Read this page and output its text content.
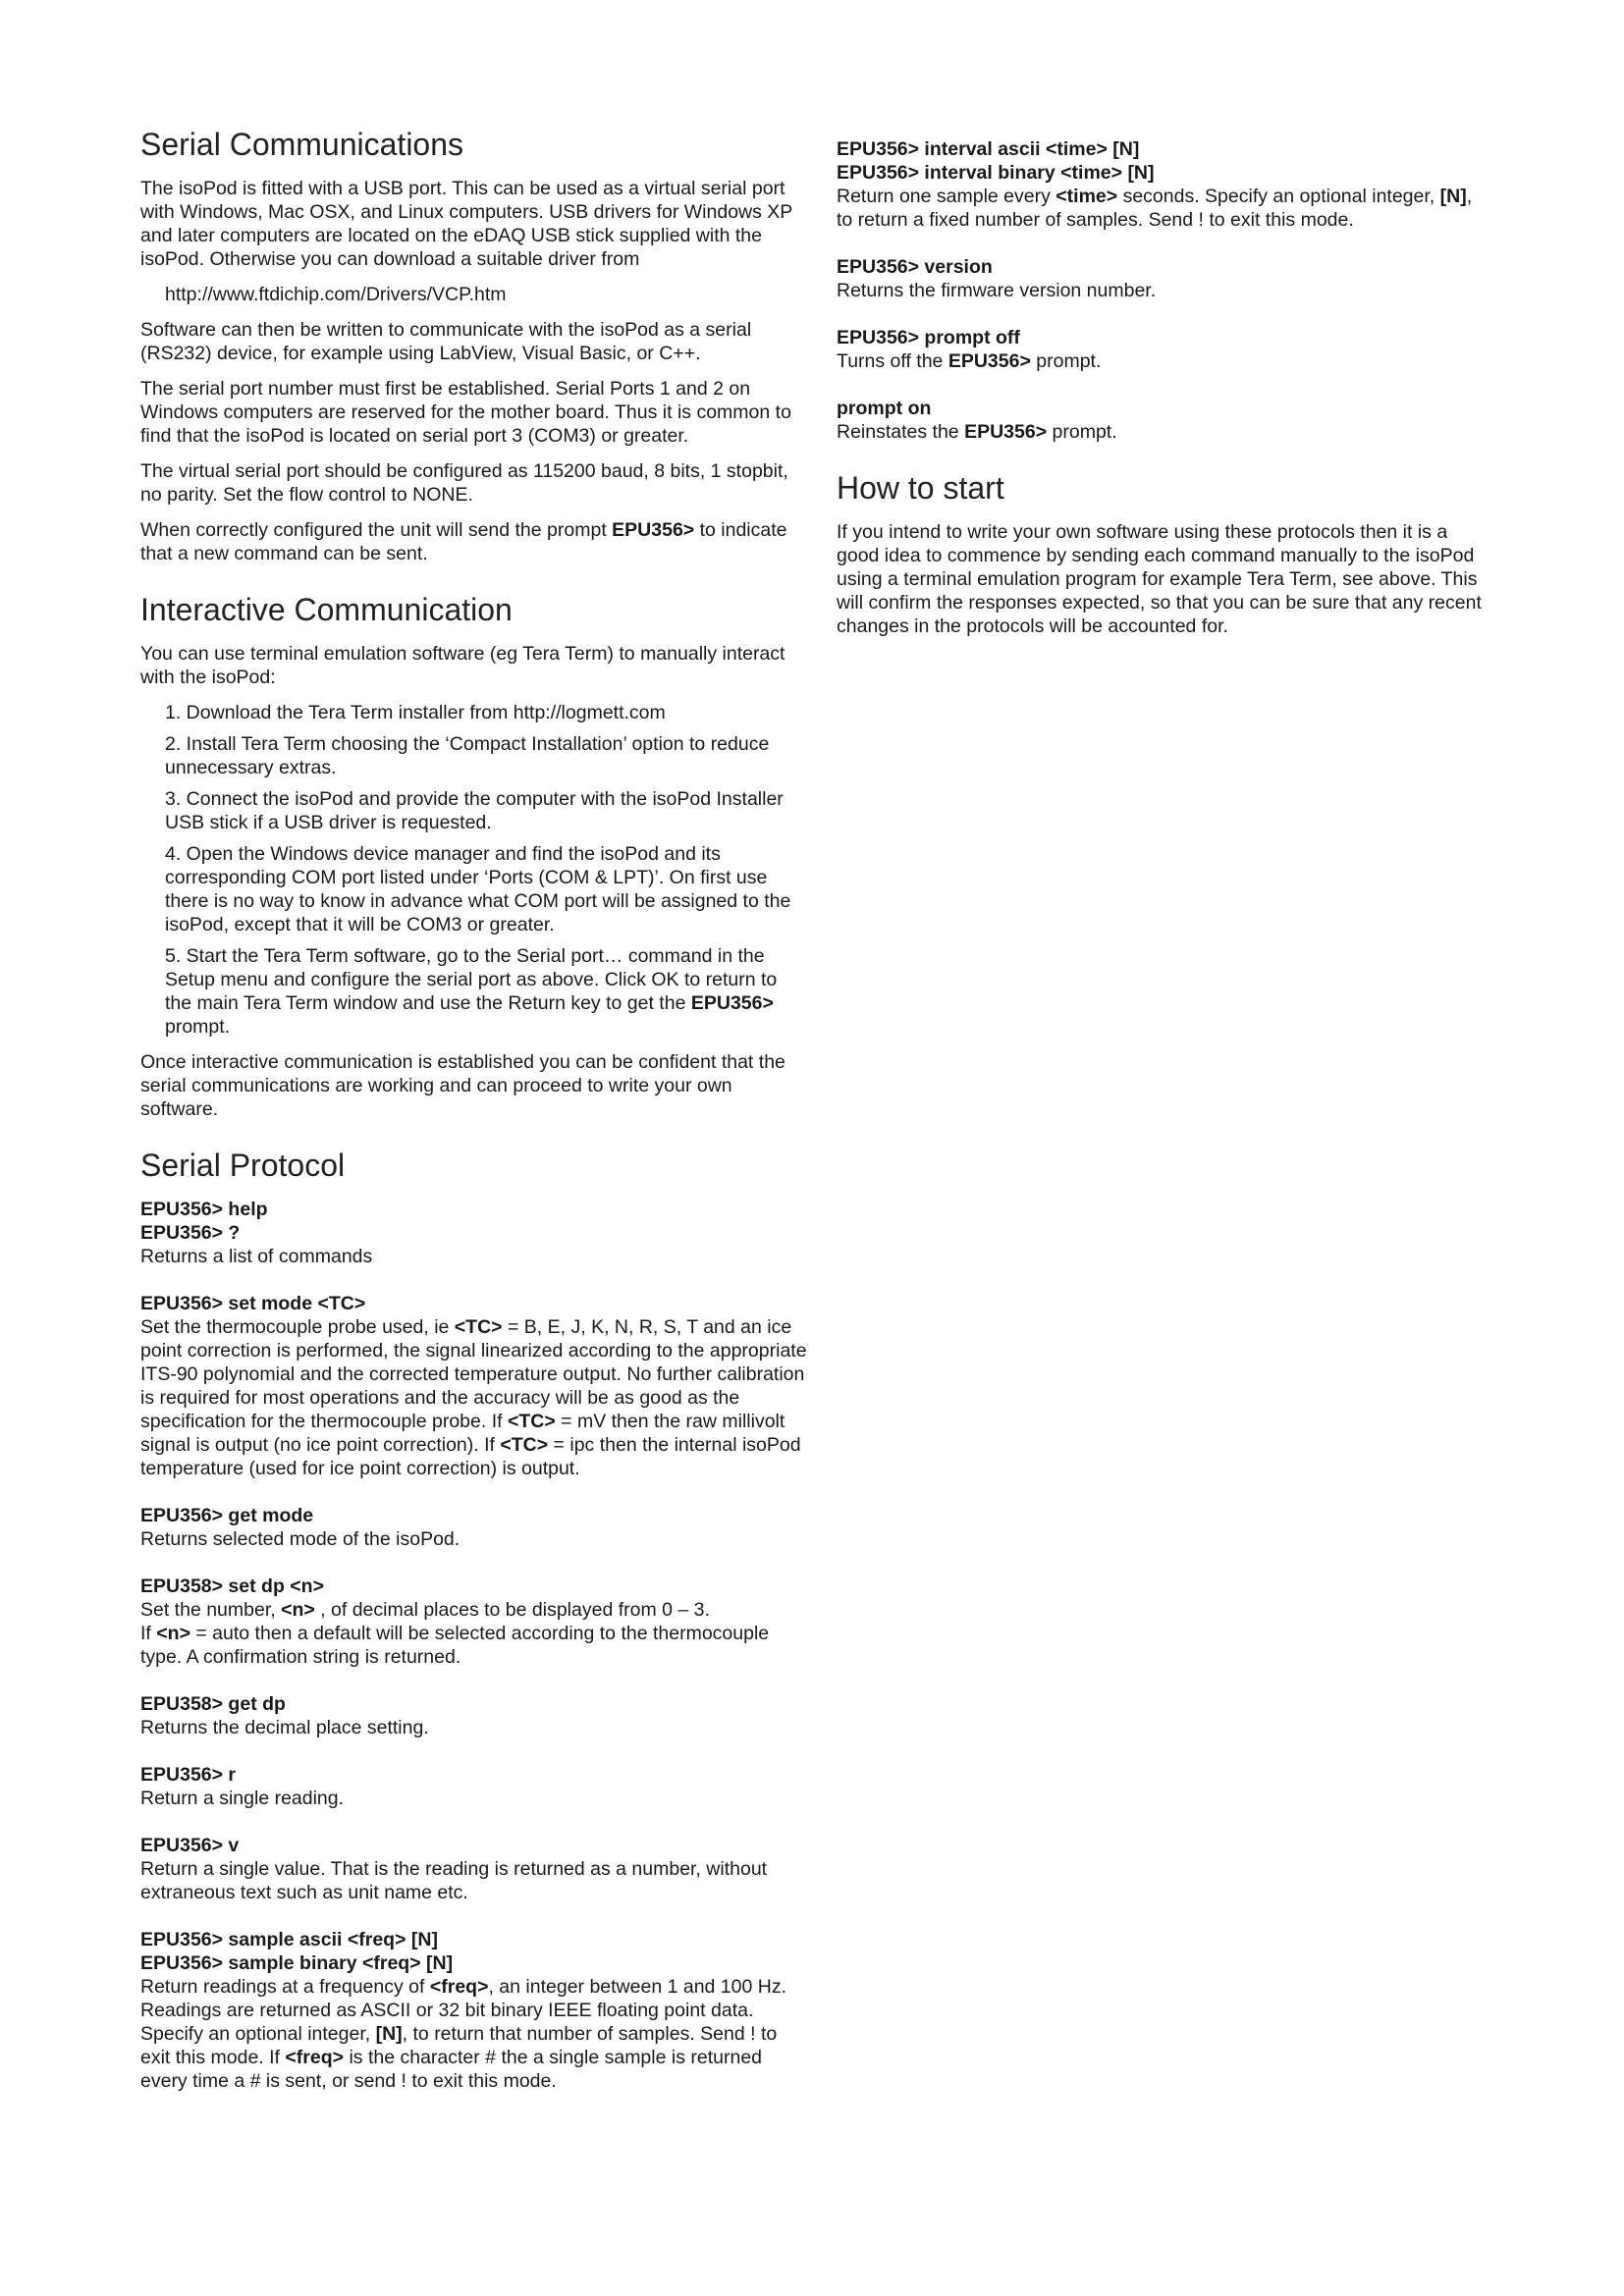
Serial Communications

The isoPod is fitted with a USB port. This can be used as a virtual serial port with Windows, Mac OSX, and Linux computers. USB drivers for Windows XP and later computers are located on the eDAQ USB stick supplied with the isoPod. Otherwise you can download a suitable driver from

http://www.ftdichip.com/Drivers/VCP.htm

Software can then be written to communicate with the isoPod as a serial (RS232) device, for example using LabView, Visual Basic, or C++.

The serial port number must first be established. Serial Ports 1 and 2 on Windows computers are reserved for the mother board. Thus it is common to find that the isoPod is located on serial port 3 (COM3) or greater.

The virtual serial port should be configured as 115200 baud, 8 bits, 1 stopbit, no parity. Set the flow control to NONE.

When correctly configured the unit will send the prompt EPU356> to indicate that a new command can be sent.

Interactive Communication

You can use terminal emulation software (eg Tera Term) to manually interact with the isoPod:

1. Download the Tera Term installer from http://logmett.com
2. Install Tera Term choosing the ‘Compact Installation’ option to reduce unnecessary extras.
3. Connect the isoPod and provide the computer with the isoPod Installer USB stick if a USB driver is requested.
4. Open the Windows device manager and find the isoPod and its corresponding COM port listed under ‘Ports (COM & LPT)’. On first use there is no way to know in advance what COM port will be assigned to the isoPod, except that it will be COM3 or greater.
5. Start the Tera Term software, go to the Serial port… command in the Setup menu and configure the serial port as above. Click OK to return to the main Tera Term window and use the Return key to get the EPU356> prompt.

Once interactive communication is established you can be confident that the serial communications are working and can proceed to write your own software.

Serial Protocol

EPU356> help

EPU356> ?

Returns a list of commands

EPU356> set mode <TC>

Set the thermocouple probe used, ie <TC> = B, E, J, K, N, R, S, T and an ice point correction is performed, the signal linearized according to the appropriate ITS-90 polynomial and the corrected temperature output. No further calibration is required for most operations and the accuracy will be as good as the specification for the thermocouple probe. If <TC> = mV then the raw millivolt signal is output (no ice point correction). If <TC> = ipc then the internal isoPod temperature (used for ice point correction) is output.

EPU356> get mode

Returns selected mode of the isoPod.

EPU358> set dp <n>

Set the number, <n> , of decimal places to be displayed from 0 – 3.
If <n> = auto then a default will be selected according to the thermocouple type. A confirmation string is returned.

EPU358> get dp

Returns the decimal place setting.

EPU356> r

Return a single reading.

EPU356> v

Return a single value. That is the reading is returned as a number, without extraneous text such as unit name etc.

EPU356> sample ascii <freq> [N]

EPU356> sample binary <freq> [N]

Return readings at a frequency of <freq>, an integer between 1 and 100 Hz. Readings are returned as ASCII or 32 bit binary IEEE floating point data. Specify an optional integer, [N], to return that number of samples. Send ! to exit this mode. If <freq> is the character # the a single sample is returned every time a # is sent, or send ! to exit this mode.

EPU356> interval ascii <time> [N]

EPU356> interval binary <time> [N]

Return one sample every <time> seconds. Specify an optional integer, [N], to return a fixed number of samples. Send ! to exit this mode.

EPU356> version

Returns the firmware version number.

EPU356> prompt off

Turns off the EPU356> prompt.

prompt on

Reinstates the EPU356> prompt.

How to start

If you intend to write your own software using these protocols then it is a good idea to commence by sending each command manually to the isoPod using a terminal emulation program for example Tera Term, see above. This will confirm the responses expected, so that you can be sure that any recent changes in the protocols will be accounted for.
